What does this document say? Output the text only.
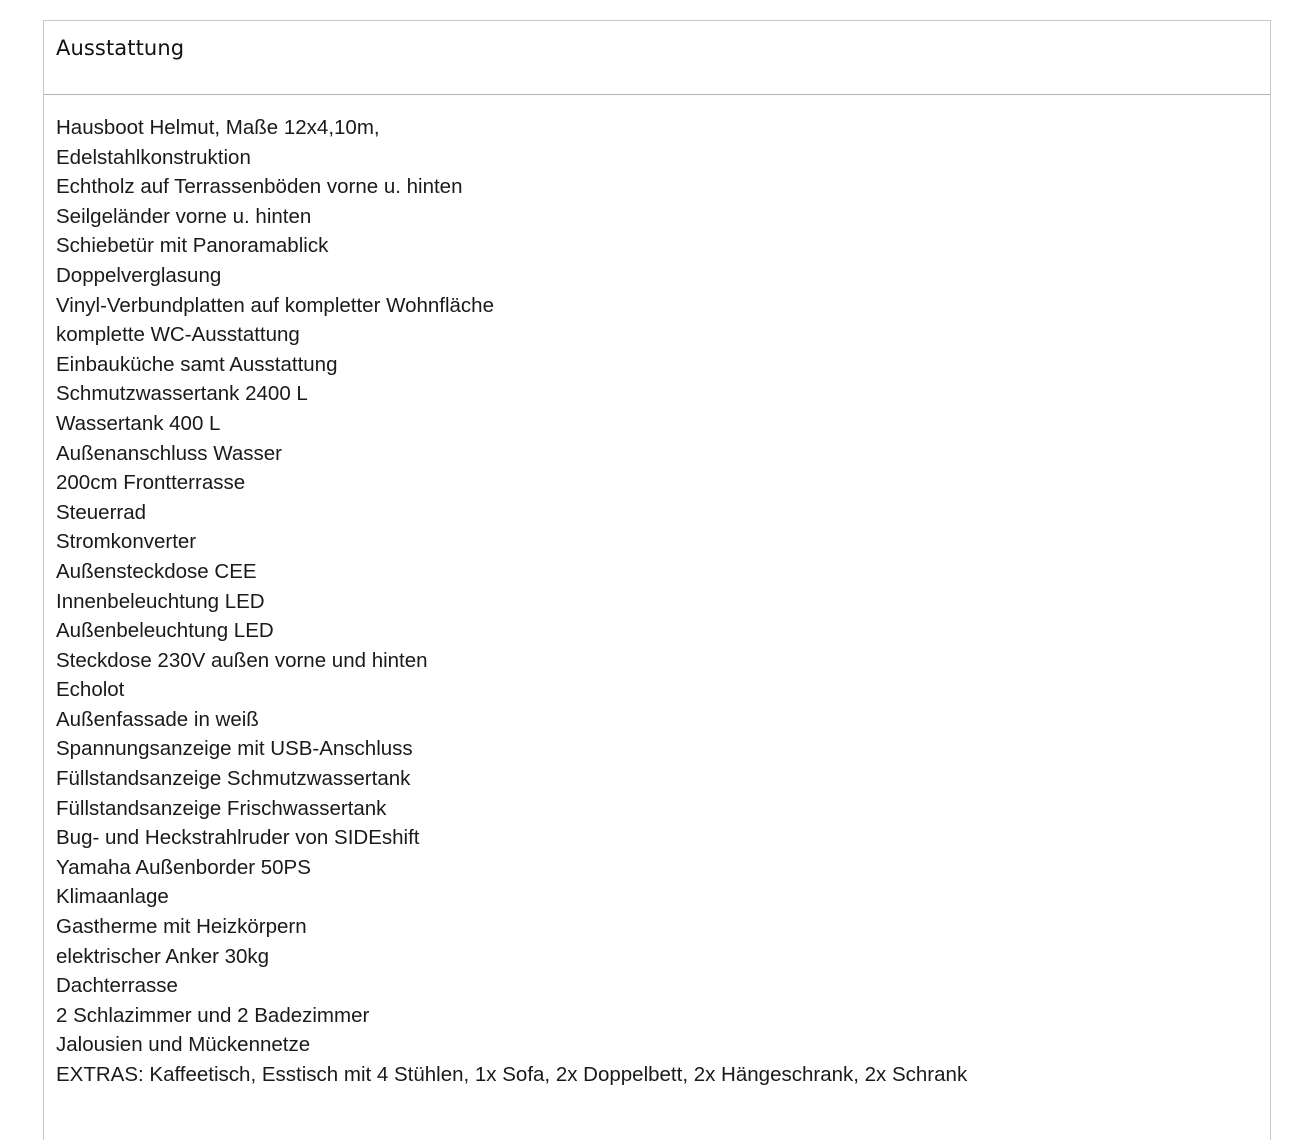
Ausstattung
Hausboot Helmut, Maße 12x4,10m,
Edelstahlkonstruktion
Echtholz auf Terrassenböden vorne u. hinten
Seilgeländer vorne u. hinten
Schiebetür mit Panoramablick
Doppelverglasung
Vinyl-Verbundplatten auf kompletter Wohnfläche
komplette WC-Ausstattung
Einbauküche samt Ausstattung
Schmutzwassertank 2400 L
Wassertank 400 L
Außenanschluss Wasser
200cm Frontterrasse
Steuerrad
Stromkonverter
Außensteckdose CEE
Innenbeleuchtung LED
Außenbeleuchtung LED
Steckdose 230V außen vorne und hinten
Echolot
Außenfassade in weiß
Spannungsanzeige mit USB-Anschluss
Füllstandsanzeige Schmutzwassertank
Füllstandsanzeige Frischwassertank
Bug- und Heckstrahlruder von SIDEshift
Yamaha Außenborder 50PS
Klimaanlage
Gastherme mit Heizkörpern
elektrischer Anker 30kg
Dachterrasse
2 Schlazimmer und 2 Badezimmer
Jalousien und Mückennetze
EXTRAS: Kaffeetisch, Esstisch mit 4 Stühlen, 1x Sofa, 2x Doppelbett, 2x Hängeschrank, 2x Schrank
